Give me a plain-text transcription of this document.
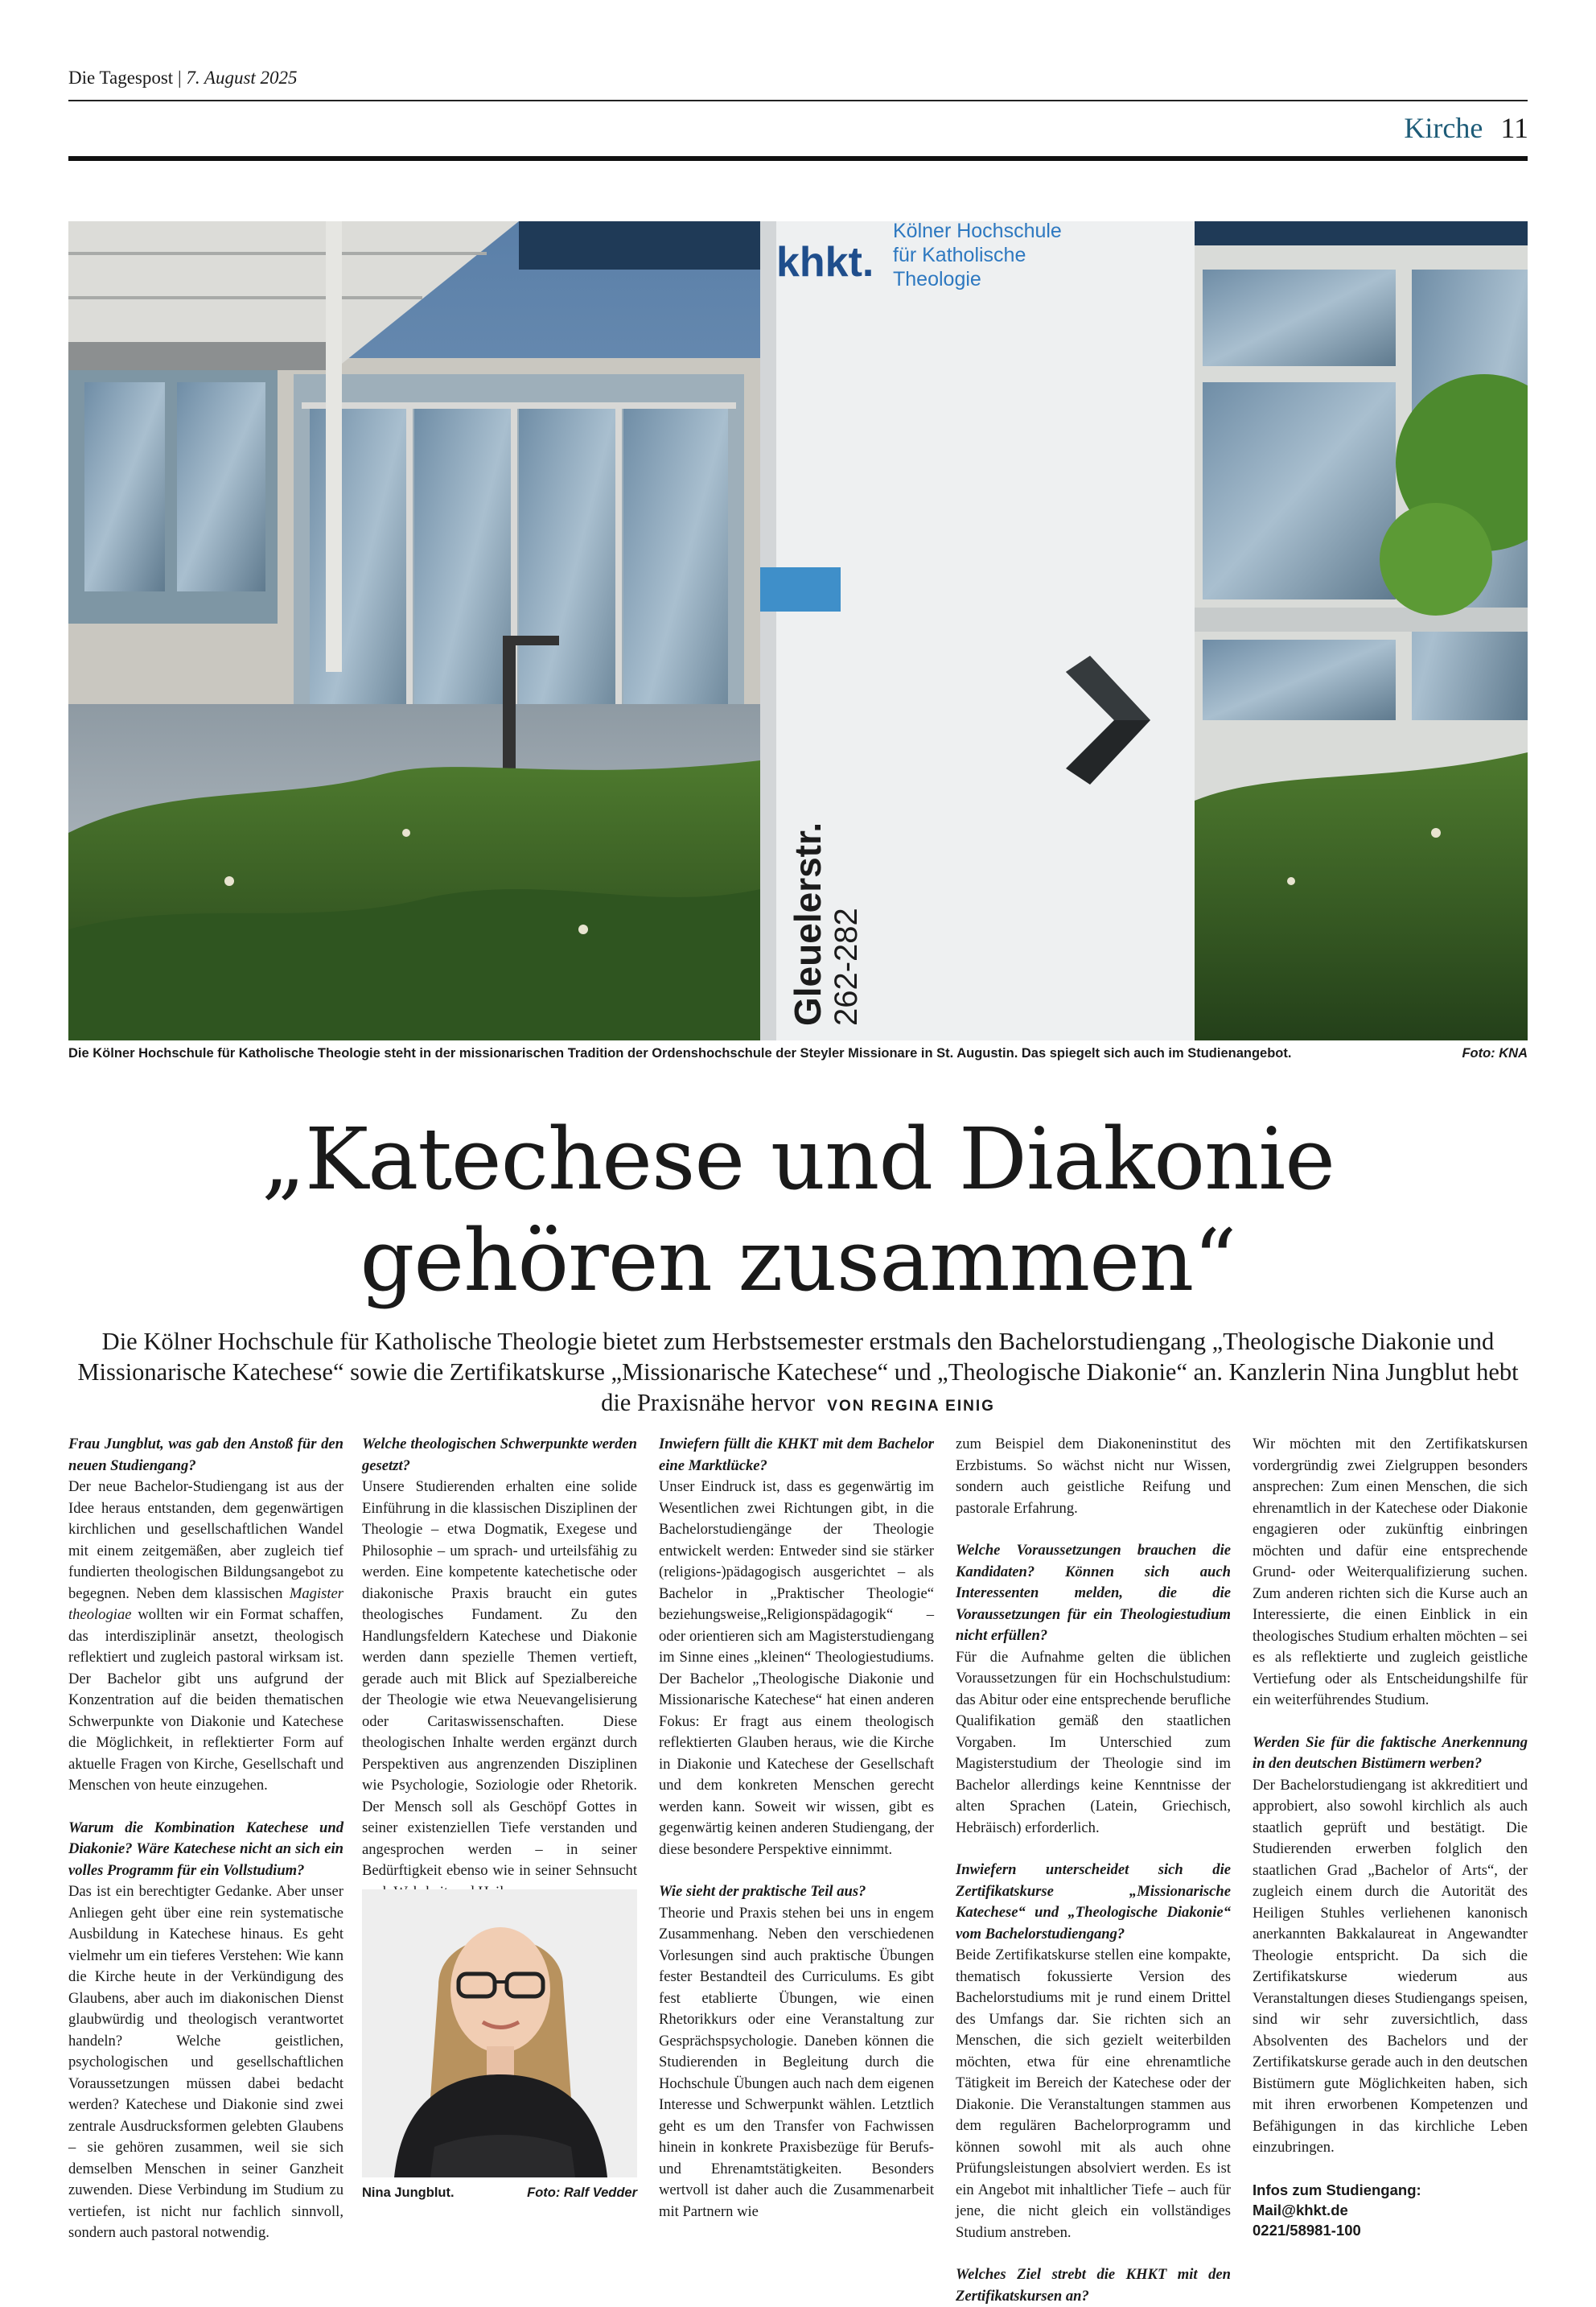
Die Tagespost | 7. August 2025
Kirche 11
khkt.
Kölner Hochschule
für Katholische
Theologie
Gleuelerstr. 262-282
Die Kölner Hochschule für Katholische Theologie steht in der missionarischen Tradition der Ordenshochschule der Steyler Missionare in St. Augustin. Das spiegelt sich auch im Studienangebot.	Foto: KNA
„Katechese und Diakonie
gehören zusammen“
Die Kölner Hochschule für Katholische Theologie bietet zum Herbstsemester erstmals den Bachelorstudiengang „Theologische Diakonie und Missionarische Katechese“ sowie die Zertifikatskurse „Missionarische Katechese“ und „Theologische Diakonie“ an. Kanzlerin Nina Jungblut hebt die Praxisnähe hervor VON REGINA EINIG
Frau Jungblut, was gab den Anstoß für den neuen Studiengang?

Der neue Bachelor-Studiengang ist aus der Idee heraus entstanden, dem gegenwärtigen kirchlichen und gesellschaftlichen Wandel mit einem zeitgemäßen, aber zugleich tief fundierten theologischen Bildungsangebot zu begegnen. Neben dem klassischen Magister theologiae wollten wir ein Format schaffen, das interdisziplinär ansetzt, theologisch reflektiert und zugleich pastoral wirksam ist. Der Bachelor gibt uns aufgrund der Konzentration auf die beiden thematischen Schwerpunkte von Diakonie und Katechese die Möglichkeit, in reflektierter Form auf aktuelle Fragen von Kirche, Gesellschaft und Menschen von heute einzugehen.

Warum die Kombination Katechese und Diakonie? Wäre Katechese nicht an sich ein volles Programm für ein Vollstudium?

Das ist ein berechtigter Gedanke. Aber unser Anliegen geht über eine rein systematische Ausbildung in Katechese hinaus. Es geht vielmehr um ein tieferes Verstehen: Wie kann die Kirche heute in der Verkündigung des Glaubens, aber auch im diakonischen Dienst glaubwürdig und theologisch verantwortet handeln? Welche geistlichen, psychologischen und gesellschaftlichen Voraussetzungen müssen dabei bedacht werden? Katechese und Diakonie sind zwei zentrale Ausdrucksformen gelebten Glaubens – sie gehören zusammen, weil sie sich demselben Menschen in seiner Ganzheit zuwenden. Diese Verbindung im Studium zu vertiefen, ist nicht nur fachlich sinnvoll, sondern auch pastoral notwendig.

Welche theologischen Schwerpunkte werden gesetzt?

Unsere Studierenden erhalten eine solide Einführung in die klassischen Disziplinen der Theologie – etwa Dogmatik, Exegese und Philosophie – um sprach- und urteilsfähig zu werden. Eine kompetente katechetische oder diakonische Praxis braucht ein gutes theologisches Fundament. Zu den Handlungsfeldern Katechese und Diakonie werden dann spezielle Themen vertieft, gerade auch mit Blick auf Spezialbereiche der Theologie wie etwa Neuevangelisierung oder Caritaswissenschaften. Diese theologischen Inhalte werden ergänzt durch Perspektiven aus angrenzenden Disziplinen wie Psychologie, Soziologie oder Rhetorik. Der Mensch soll als Geschöpf Gottes in seiner existenziellen Tiefe verstanden und angesprochen werden – in seiner Bedürftigkeit ebenso wie in seiner Sehnsucht

Nina Jungblut.	Foto: Ralf Vedder
Inwiefern füllt die KHKT mit dem Bachelor eine Marktlücke?

Unser Eindruck ist, dass es gegenwärtig im Wesentlichen zwei Richtungen gibt, in die Bachelorstudiengänge der Theologie entwickelt werden: Entweder sind sie stärker (religions-)pädagogisch ausgerichtet – als Bachelor in „Praktischer Theologie“ beziehungsweise„Religionspädagogik“ – oder orientieren sich am Magisterstudiengang im Sinne eines „kleinen“ Theologiestudiums. Der Bachelor „Theologische Diakonie und Missionarische Katechese“ hat einen anderen Fokus: Er fragt aus einem theologisch reflektierten Glauben heraus, wie die Kirche in Diakonie und Katechese der Gesellschaft und dem konkreten Menschen gerecht werden kann. Soweit wir wissen, gibt es gegenwärtig keinen anderen Studiengang, der diese besondere Perspektive einnimmt.

Wie sieht der praktische Teil aus?

Theorie und Praxis stehen bei uns in engem Zusammenhang. Neben den verschiedenen Vorlesungen sind auch praktische Übungen fester Bestandteil des Curriculums. Es gibt fest etablierte Übungen, wie einen Rhetorikkurs oder eine Veranstaltung zur Gesprächspsychologie. Daneben können die Studierenden in Begleitung durch die Hochschule Übungen auch nach dem eigenen Interesse und Schwerpunkt wählen. Letztlich geht es um den Transfer von Fachwissen hinein in konkrete Praxisbezüge für Berufs- und Ehrenamtstätigkeiten. Besonders wertvoll ist daher auch die Zusammenarbeit mit Partnern wie

zum Beispiel dem Diakoneninstitut des Erzbistums. So wächst nicht nur Wissen, sondern auch geistliche Reifung und pastorale Erfahrung.

Welche Voraussetzungen brauchen die Kandidaten? Können sich auch Interessenten melden, die die Voraussetzungen für ein Theologiestudium nicht erfüllen?

Für die Aufnahme gelten die üblichen Voraussetzungen für ein Hochschulstudium: das Abitur oder eine entsprechende berufliche Qualifikation gemäß den staatlichen Vorgaben. Im Unterschied zum Magisterstudium der Theologie sind im Bachelor allerdings keine Kenntnisse der alten Sprachen (Latein, Griechisch, Hebräisch) erforderlich.

Inwiefern unterscheidet sich die Zertifikatskurse „Missionarische Katechese“ und „Theologische Diakonie“ vom Bachelorstudiengang?

Beide Zertifikatskurse stellen eine kompakte, thematisch fokussierte Version des Bachelorstudiums mit je rund einem Drittel des Umfangs dar. Sie richten sich an Menschen, die sich gezielt weiterbilden möchten, etwa für eine ehrenamtliche Tätigkeit im Bereich der Katechese oder der Diakonie. Die Veranstaltungen stammen aus dem regulären Bachelorprogramm und können sowohl mit als auch ohne Prüfungsleistungen absolviert werden. Es ist ein Angebot mit inhaltlicher Tiefe – auch für jene, die nicht gleich ein vollständiges Studium anstreben.

Welches Ziel strebt die KHKT mit den Zertifikatskursen an?

Wir möchten mit den Zertifikatskursen vordergründig zwei Zielgruppen besonders ansprechen: Zum einen Menschen, die sich ehrenamtlich in der Katechese oder Diakonie engagieren oder zukünftig einbringen möchten und dafür eine entsprechende Grund- oder Weiterqualifizierung suchen. Zum anderen richten sich die Kurse auch an Interessierte, die einen Einblick in ein theologisches Studium erhalten möchten – sei es als reflektierte und zugleich geistliche Vertiefung oder als Entscheidungshilfe für ein weiterführendes Studium.

Werden Sie für die faktische Anerkennung in den deutschen Bistümern werben?

Der Bachelorstudiengang ist akkreditiert und approbiert, also sowohl kirchlich als auch staatlich geprüft und bestätigt. Die Studierenden erwerben folglich den staatlichen Grad „Bachelor of Arts“, der zugleich einem durch die Autorität des Heiligen Stuhles verliehenen kanonisch anerkannten Bakkalaureat in Angewandter Theologie entspricht. Da sich die Zertifikatskurse wiederum aus Veranstaltungen dieses Studiengangs speisen, sind wir sehr zuversichtlich, dass Absolventen des Bachelors und der Zertifikatskurse gerade auch in den deutschen Bistümern gute Möglichkeiten haben, sich mit ihren erworbenen Kompetenzen und Befähigungen in das kirchliche Leben einzubringen.

Infos zum Studiengang:
Mail@khkt.de
0221/58981-100
